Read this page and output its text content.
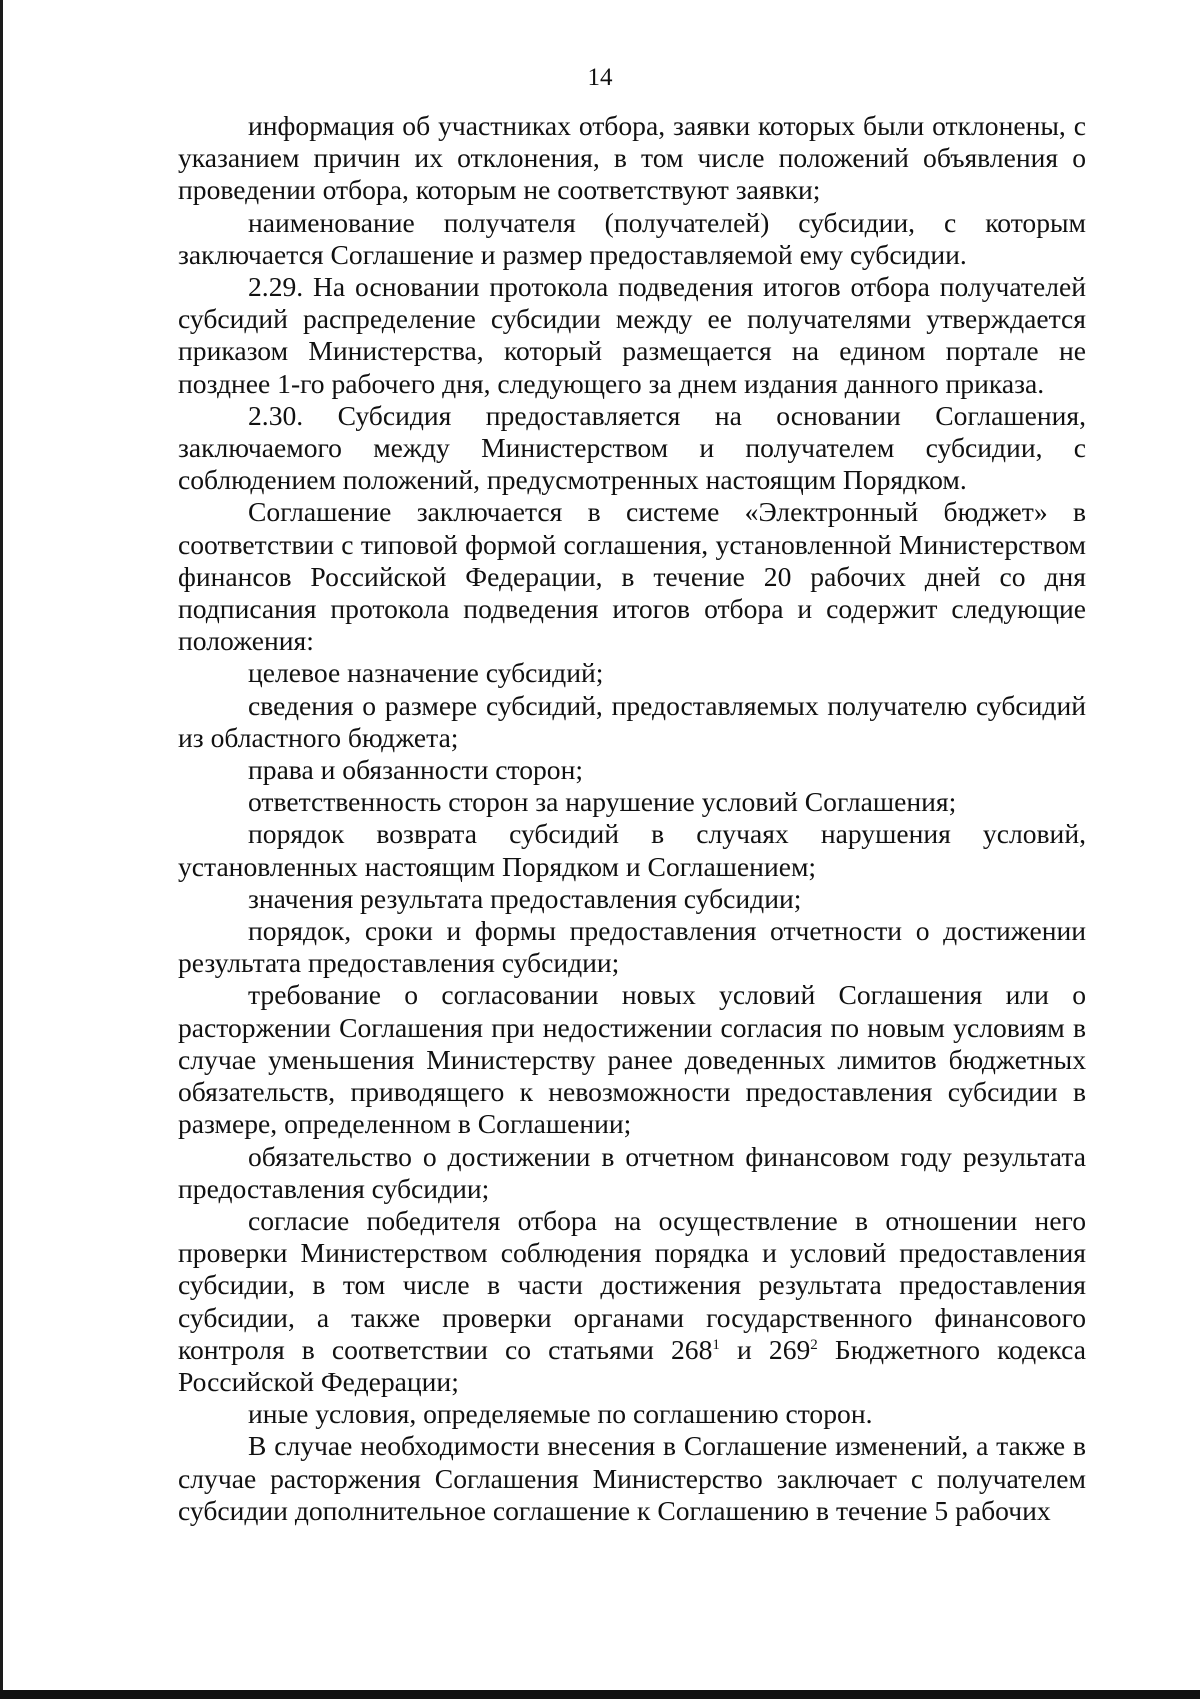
14

информация об участниках отбора, заявки которых были отклонены, с указанием причин их отклонения, в том числе положений объявления о проведении отбора, которым не соответствуют заявки;

наименование получателя (получателей) субсидии, с которым заключается Соглашение и размер предоставляемой ему субсидии.

2.29. На основании протокола подведения итогов отбора получателей субсидий распределение субсидии между ее получателями утверждается приказом Министерства, который размещается на едином портале не позднее 1-го рабочего дня, следующего за днем издания данного приказа.

2.30. Субсидия предоставляется на основании Соглашения, заключаемого между Министерством и получателем субсидии, с соблюдением положений, предусмотренных настоящим Порядком.

Соглашение заключается в системе «Электронный бюджет» в соответствии с типовой формой соглашения, установленной Министерством финансов Российской Федерации, в течение 20 рабочих дней со дня подписания протокола подведения итогов отбора и содержит следующие положения:

целевое назначение субсидий;

сведения о размере субсидий, предоставляемых получателю субсидий из областного бюджета;

права и обязанности сторон;

ответственность сторон за нарушение условий Соглашения;

порядок возврата субсидий в случаях нарушения условий, установленных настоящим Порядком и Соглашением;

значения результата предоставления субсидии;

порядок, сроки и формы предоставления отчетности о достижении результата предоставления субсидии;

требование о согласовании новых условий Соглашения или о расторжении Соглашения при недостижении согласия по новым условиям в случае уменьшения Министерству ранее доведенных лимитов бюджетных обязательств, приводящего к невозможности предоставления субсидии в размере, определенном в Соглашении;

обязательство о достижении в отчетном финансовом году результата предоставления субсидии;

согласие победителя отбора на осуществление в отношении него проверки Министерством соблюдения порядка и условий предоставления субсидии, в том числе в части достижения результата предоставления субсидии, а также проверки органами государственного финансового контроля в соответствии со статьями $268^1$ и $269^2$ Бюджетного кодекса Российской Федерации;

иные условия, определяемые по соглашению сторон.

В случае необходимости внесения в Соглашение изменений, а также в случае расторжения Соглашения Министерство заключает с получателем субсидии дополнительное соглашение к Соглашению в течение 5 рабочих
